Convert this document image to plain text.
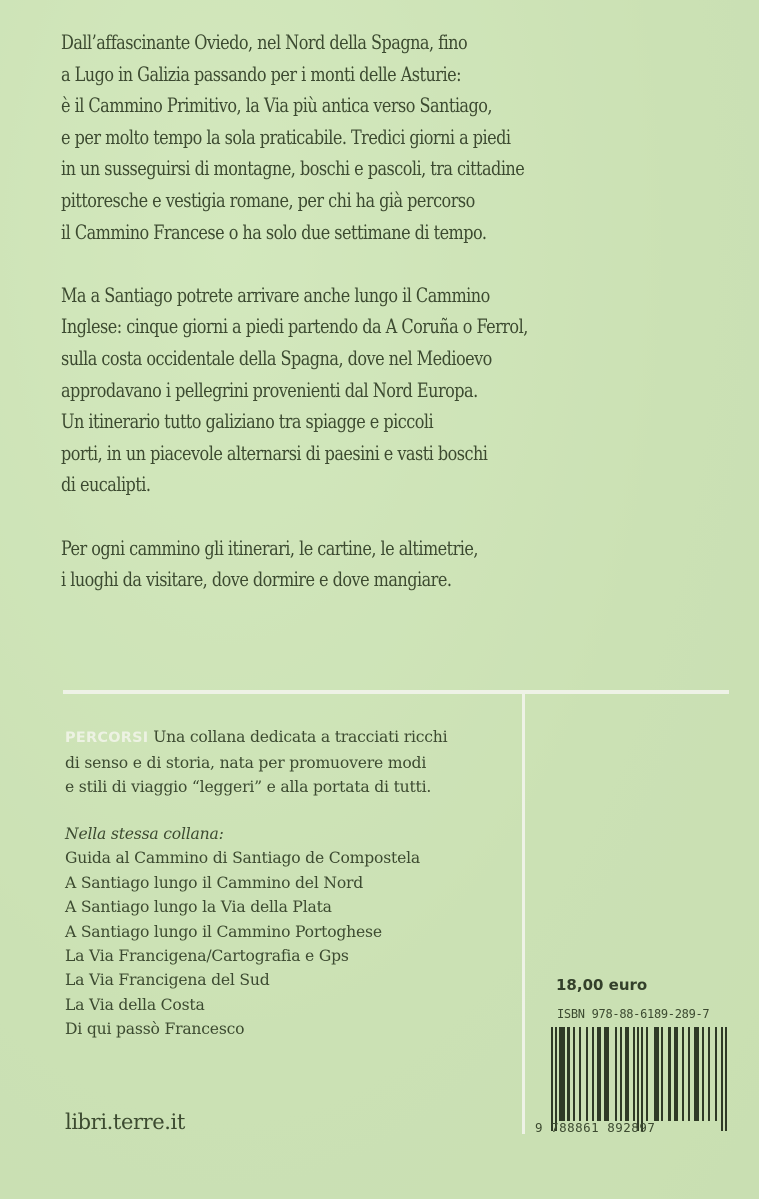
Dall’affascinante Oviedo, nel Nord della Spagna, fino
a Lugo in Galizia passando per i monti delle Asturie:
è il Cammino Primitivo, la Via più antica verso Santiago,
e per molto tempo la sola praticabile. Tredici giorni a piedi
in un susseguirsi di montagne, boschi e pascoli, tra cittadine
pittoresche e vestigia romane, per chi ha già percorso
il Cammino Francese o ha solo due settimane di tempo.

Ma a Santiago potrete arrivare anche lungo il Cammino
Inglese: cinque giorni a piedi partendo da A Coruña o Ferrol,
sulla costa occidentale della Spagna, dove nel Medioevo
approdavano i pellegrini provenienti dal Nord Europa.
Un itinerario tutto galiziano tra spiagge e piccoli
porti, in un piacevole alternarsi di paesini e vasti boschi
di eucalipti.

Per ogni cammino gli itinerari, le cartine, le altimetrie,
i luoghi da visitare, dove dormire e dove mangiare.

PERCORSI Una collana dedicata a tracciati ricchi
di senso e di storia, nata per promuovere modi
e stili di viaggio “leggeri” e alla portata di tutti.
Nella stessa collana:
Guida al Cammino di Santiago de Compostela
A Santiago lungo il Cammino del Nord
A Santiago lungo la Via della Plata
A Santiago lungo il Cammino Portoghese
La Via Francigena/Cartografia e Gps
La Via Francigena del Sud
La Via della Costa
Di qui passò Francesco
libri.terre.it
18,00 euro
ISBN 978-88-6189-289-7
9 788861 892897
